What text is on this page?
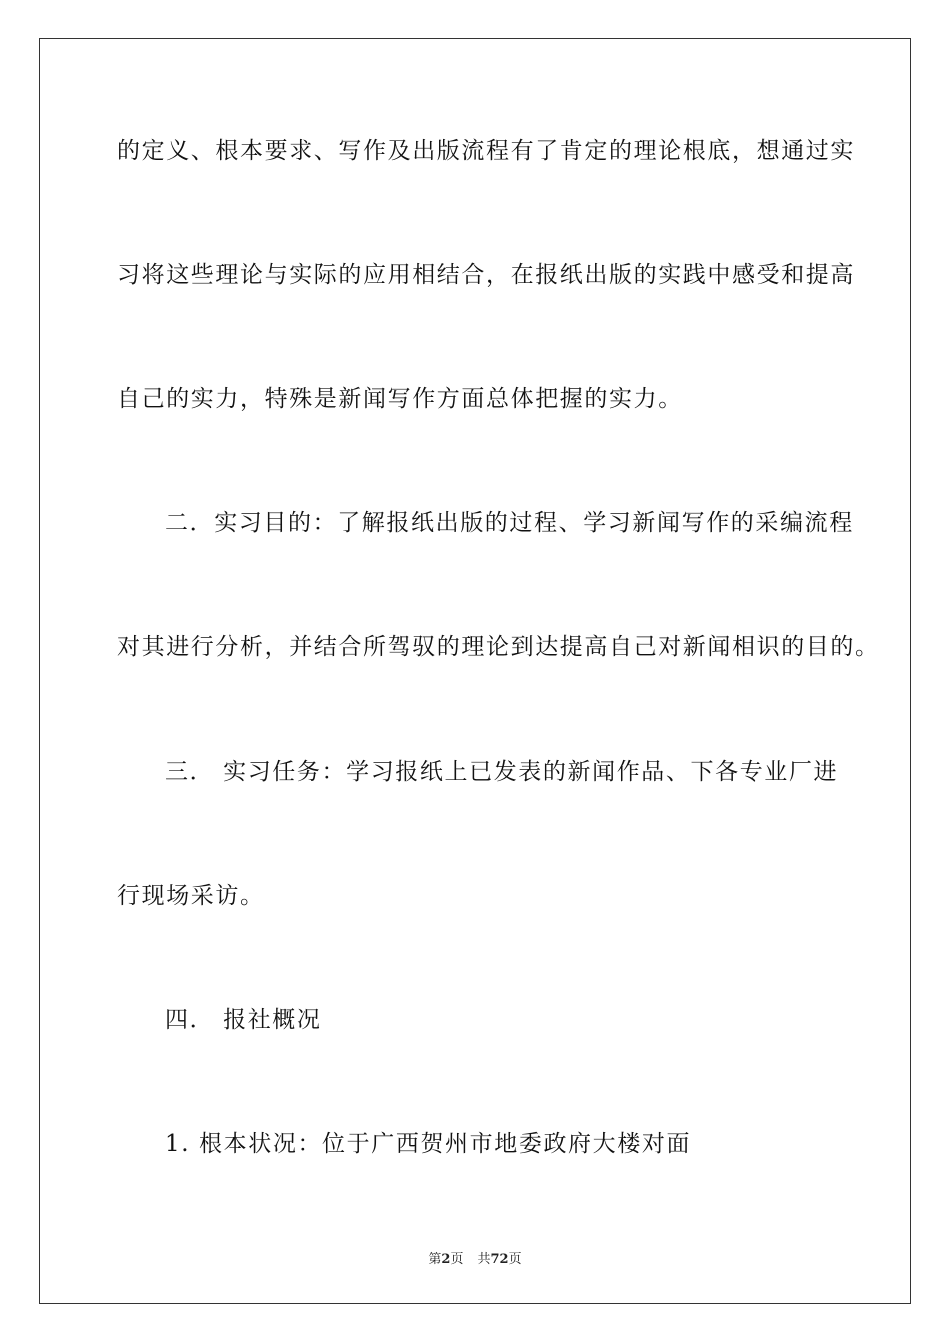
的定义、根本要求、写作及出版流程有了肯定的理论根底，想通过实
习将这些理论与实际的应用相结合，在报纸出版的实践中感受和提高
自己的实力，特殊是新闻写作方面总体把握的实力。
二．实习目的：了解报纸出版的过程、学习新闻写作的采编流程
对其进行分析，并结合所驾驭的理论到达提高自己对新闻相识的目的。
三． 实习任务：学习报纸上已发表的新闻作品、下各专业厂进
行现场采访。
四． 报社概况
1. 根本状况：位于广西贺州市地委政府大楼对面
第2页 共72页
